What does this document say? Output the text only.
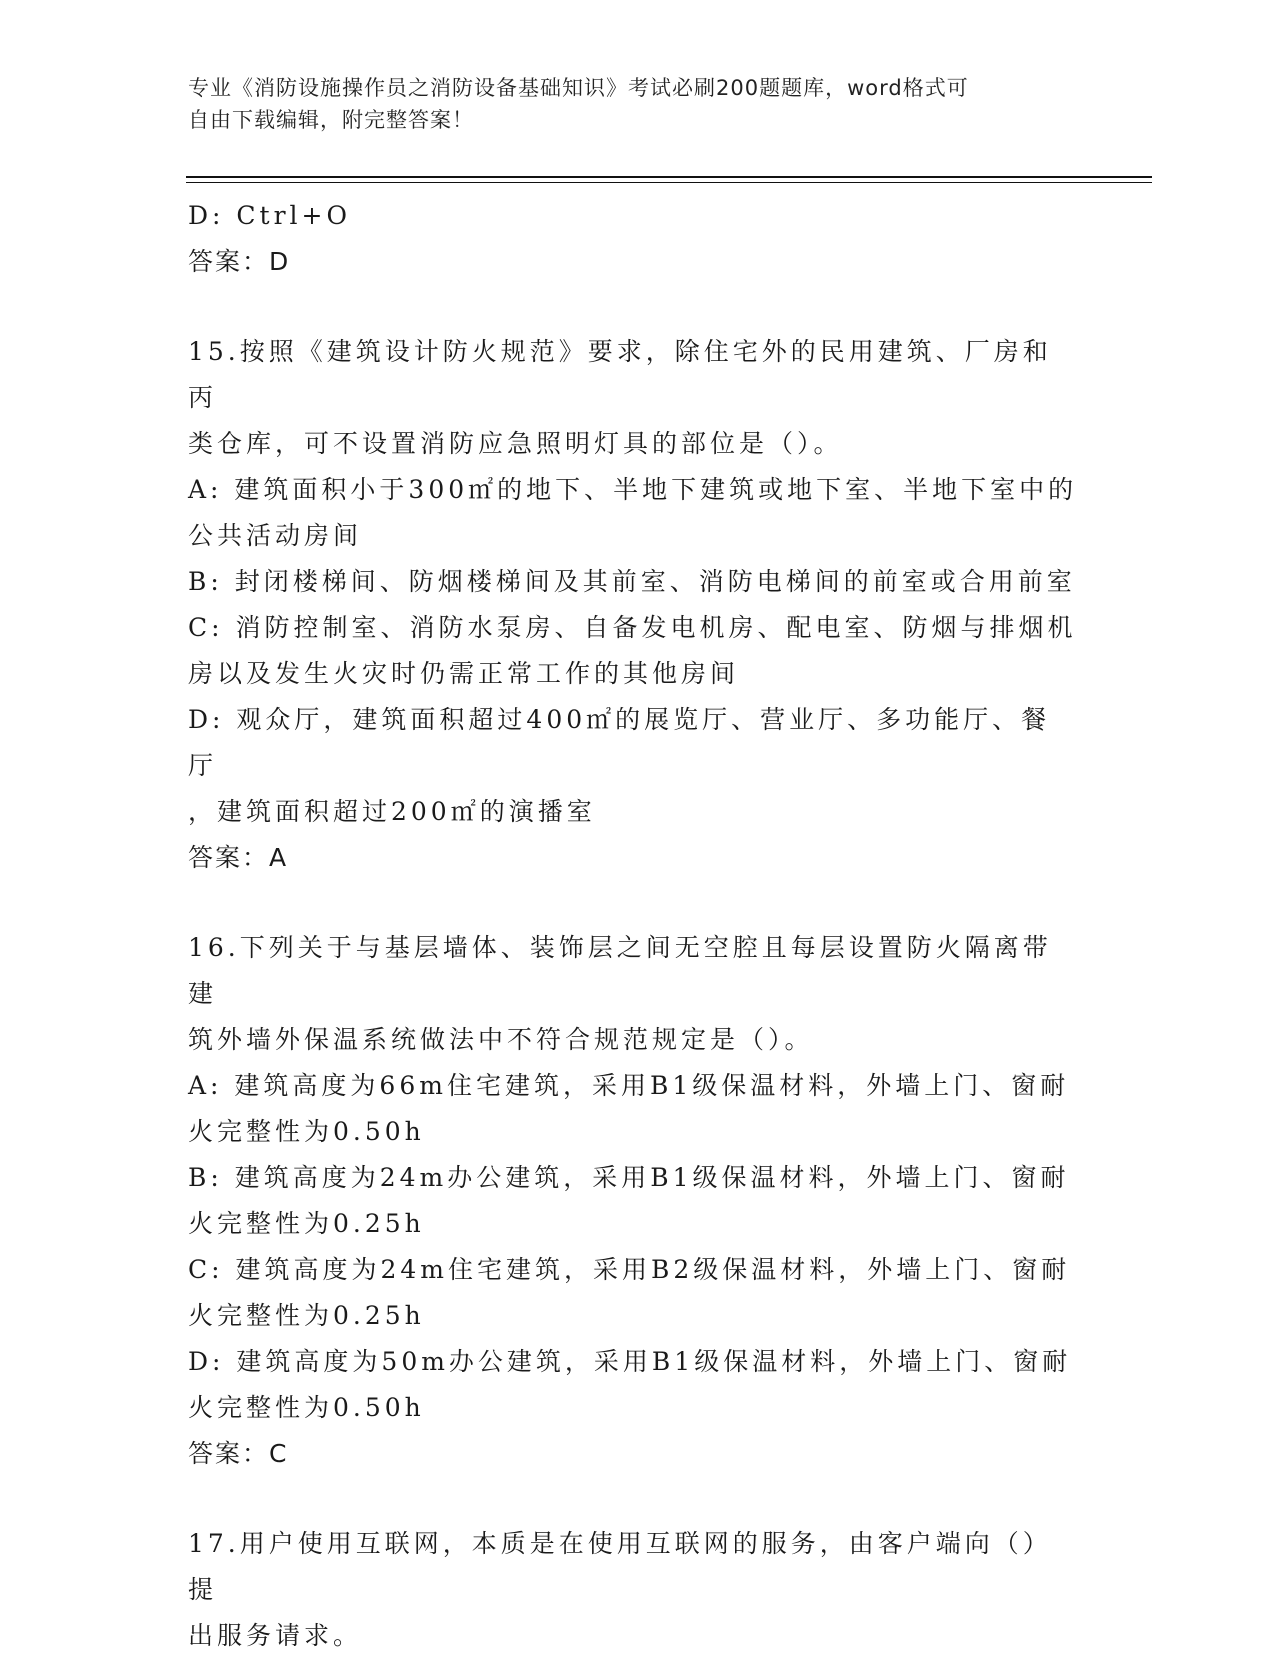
专业《消防设施操作员之消防设备基础知识》考试必刷200题题库，word格式可
自由下载编辑，附完整答案！
D: Ctrl+O
答案：D
15.按照《建筑设计防火规范》要求，除住宅外的民用建筑、厂房和丙
类仓库，可不设置消防应急照明灯具的部位是（）。
A: 建筑面积小于300㎡的地下、半地下建筑或地下室、半地下室中的
公共活动房间
B: 封闭楼梯间、防烟楼梯间及其前室、消防电梯间的前室或合用前室
C: 消防控制室、消防水泵房、自备发电机房、配电室、防烟与排烟机
房以及发生火灾时仍需正常工作的其他房间
D: 观众厅，建筑面积超过400㎡的展览厅、营业厅、多功能厅、餐厅
，建筑面积超过200㎡的演播室
答案：A
16.下列关于与基层墙体、装饰层之间无空腔且每层设置防火隔离带建
筑外墙外保温系统做法中不符合规范规定是（）。
A: 建筑高度为66m住宅建筑，采用B1级保温材料，外墙上门、窗耐
火完整性为0.50h
B: 建筑高度为24m办公建筑，采用B1级保温材料，外墙上门、窗耐
火完整性为0.25h
C: 建筑高度为24m住宅建筑，采用B2级保温材料，外墙上门、窗耐
火完整性为0.25h
D: 建筑高度为50m办公建筑，采用B1级保温材料，外墙上门、窗耐
火完整性为0.50h
答案：C
17.用户使用互联网，本质是在使用互联网的服务，由客户端向（）提
出服务请求。
